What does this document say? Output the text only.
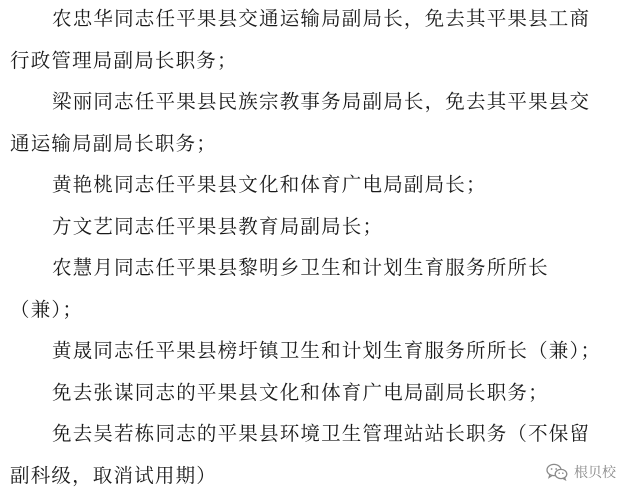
农忠华同志任平果县交通运输局副局长，免去其平果县工商
行政管理局副局长职务；
梁丽同志任平果县民族宗教事务局副局长，免去其平果县交
通运输局副局长职务；
黄艳桃同志任平果县文化和体育广电局副局长；
方文艺同志任平果县教育局副局长；
农慧月同志任平果县黎明乡卫生和计划生育服务所所长
（兼）；
黄晟同志任平果县榜圩镇卫生和计划生育服务所所长（兼）；
免去张谋同志的平果县文化和体育广电局副局长职务；
免去吴若栋同志的平果县环境卫生管理站站长职务（不保留
副科级，取消试用期）	根贝校
